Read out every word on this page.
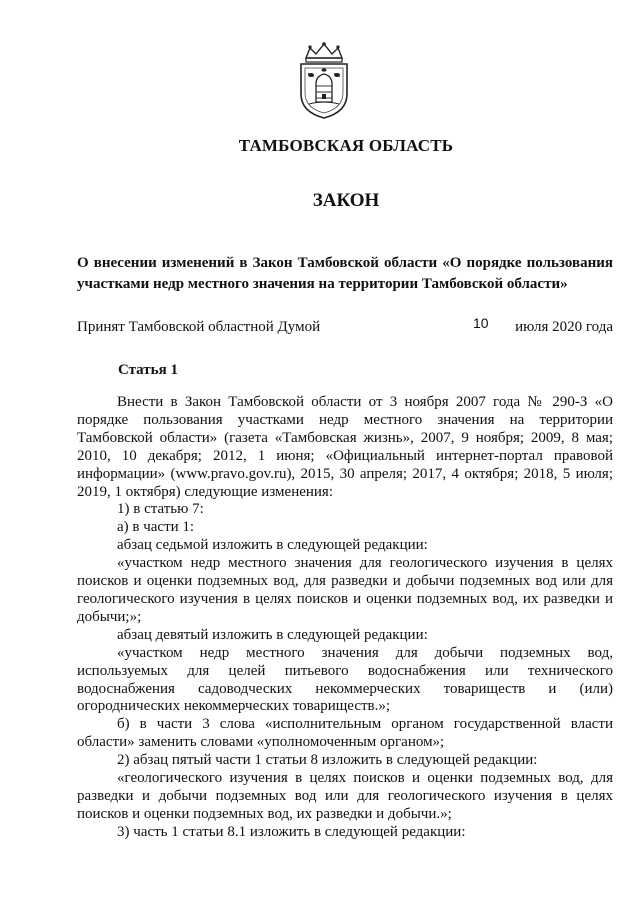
ТАМБОВСКАЯ ОБЛАСТЬ
ЗАКОН
О внесении изменений в Закон Тамбовской области «О порядке пользования участками недр местного значения на территории Тамбовской области»
Принят Тамбовской областной Думой	10 июля 2020 года
Статья 1

Внести в Закон Тамбовской области от 3 ноября 2007 года № 290-З «О порядке пользования участками недр местного значения на территории Тамбовской области» (газета «Тамбовская жизнь», 2007, 9 ноября; 2009, 8 мая; 2010, 10 декабря; 2012, 1 июня; «Официальный интернет-портал правовой информации» (www.pravo.gov.ru), 2015, 30 апреля; 2017, 4 октября; 2018, 5 июля; 2019, 1 октября) следующие изменения:

1) в статью 7:

а) в части 1:

абзац седьмой изложить в следующей редакции:

«участком недр местного значения для геологического изучения в целях поисков и оценки подземных вод, для разведки и добычи подземных вод или для геологического изучения в целях поисков и оценки подземных вод, их разведки и добычи;»;

абзац девятый изложить в следующей редакции:

«участком недр местного значения для добычи подземных вод, используемых для целей питьевого водоснабжения или технического водоснабжения садоводческих некоммерческих товариществ и (или) огороднических некоммерческих товариществ.»;

б) в части 3 слова «исполнительным органом государственной власти области» заменить словами «уполномоченным органом»;

2) абзац пятый части 1 статьи 8 изложить в следующей редакции:

«геологического изучения в целях поисков и оценки подземных вод, для разведки и добычи подземных вод или для геологического изучения в целях поисков и оценки подземных вод, их разведки и добычи.»;

3) часть 1 статьи 8.1 изложить в следующей редакции:
